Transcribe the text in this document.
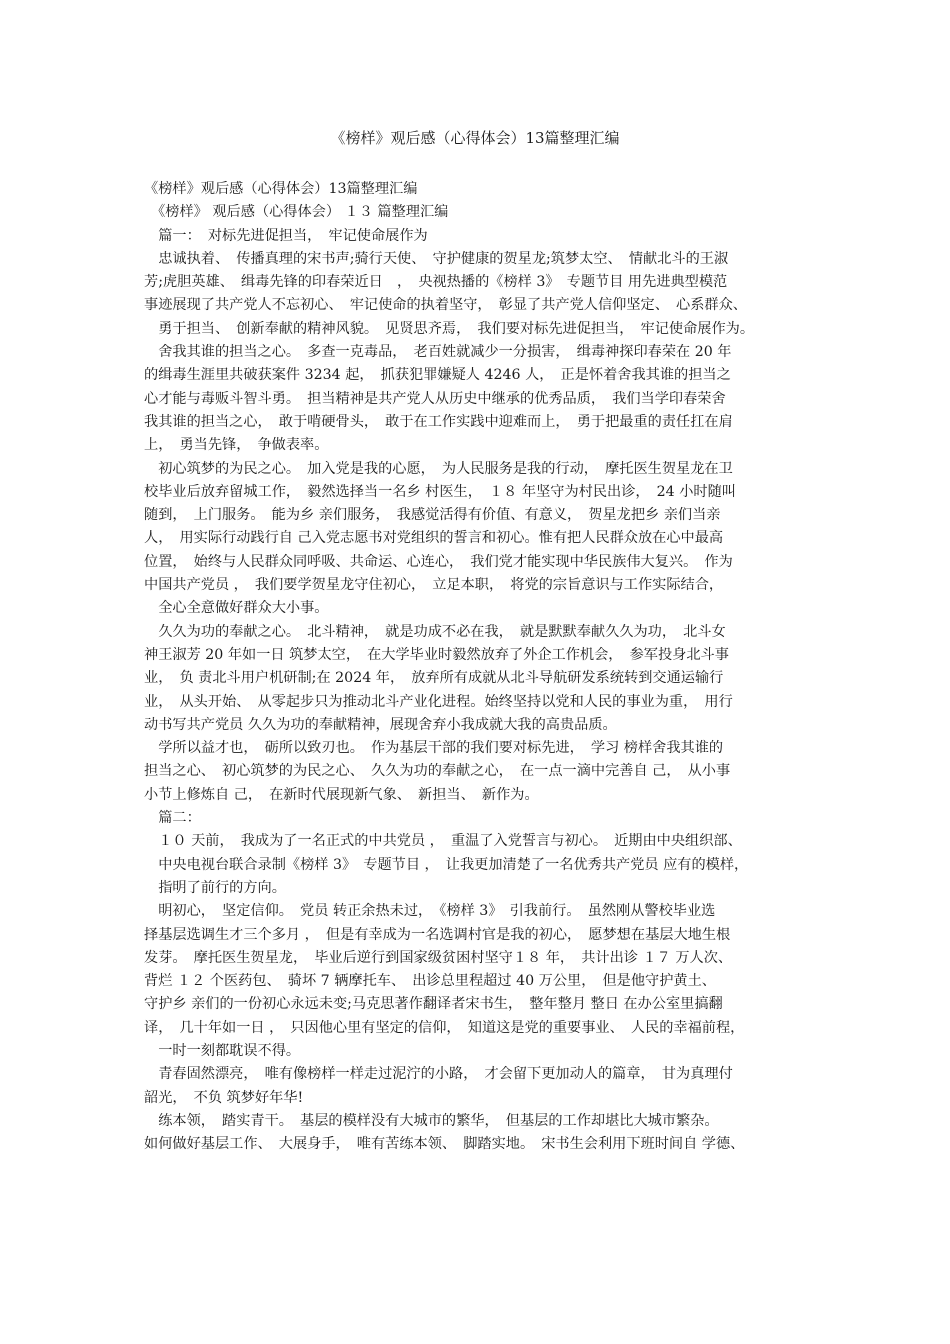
《榜样》观后感（心得体会）13篇整理汇编
《榜样》观后感（心得体会）13篇整理汇编
　《榜样》 观后感（心得体会） １３ 篇整理汇编
　篇一：　对标先进促担当，　牢记使命展作为
　忠诚执着、　传播真理的宋书声;骑行天使、　守护健康的贺星龙;筑梦太空、　情献北斗的王淑
芳;虎胆英雄、　缉毒先锋的印春荣近日　，　央视热播的《榜样 3》　专题节目 用先进典型模范
事迹展现了共产党人不忘初心、　牢记使命的执着坚守，　彰显了共产党人信仰坚定、　心系群众、
　勇于担当、　创新奉献的精神风貌。　见贤思齐焉，　我们要对标先进促担当，　牢记使命展作为。
　舍我其谁的担当之心。　多查一克毒品，　老百姓就减少一分损害，　缉毒神探印春荣在 20 年
的缉毒生涯里共破获案件 3234 起，　抓获犯罪嫌疑人 4246 人，　正是怀着舍我其谁的担当之
心才能与毒贩斗智斗勇。　担当精神是共产党人从历史中继承的优秀品质，　我们当学印春荣舍
我其谁的担当之心，　敢于啃硬骨头，　敢于在工作实践中迎难而上，　勇于把最重的责任扛在肩
上，　勇当先锋，　争做表率。
　初心筑梦的为民之心。　加入党是我的心愿，　为人民服务是我的行动，　摩托医生贺星龙在卫
校毕业后放弃留城工作，　毅然选择当一名乡 村医生，　１８ 年坚守为村民出诊，　24 小时随叫
随到，　上门服务。　能为乡 亲们服务，　我感觉活得有价值、有意义，　贺星龙把乡 亲们当亲
人，　用实际行动践行自 己入党志愿书对党组织的誓言和初心。惟有把人民群众放在心中最高
位置，　始终与人民群众同呼吸、共命运、心连心，　我们党才能实现中华民族伟大复兴。　作为
中国共产党员 ，　我们要学贺星龙守住初心，　立足本职，　将党的宗旨意识与工作实际结合，
　全心全意做好群众大小事。
　久久为功的奉献之心。　北斗精神，　就是功成不必在我，　就是默默奉献久久为功，　北斗女
神王淑芳 20 年如一日 筑梦太空，　在大学毕业时毅然放弃了外企工作机会，　参军投身北斗事
业，　负 责北斗用户机研制;在 2024 年，　放弃所有成就从北斗导航研发系统转到交通运输行
业，　从头开始、　从零起步只为推动北斗产业化进程。始终坚持以党和人民的事业为重，　用行
动书写共产党员 久久为功的奉献精神，展现舍弃小我成就大我的高贵品质。
　学所以益才也，　砺所以致刃也。　作为基层干部的我们要对标先进，　学习 榜样舍我其谁的
担当之心、　初心筑梦的为民之心、　久久为功的奉献之心，　在一点一滴中完善自 己，　从小事
小节上修炼自 己，　在新时代展现新气象、　新担当、　新作为。
　篇二：
　１０ 天前，　我成为了一名正式的中共党员 ，　重温了入党誓言与初心。　近期由中央组织部、
　中央电视台联合录制《榜样 3》　专题节目 ，　让我更加清楚了一名优秀共产党员 应有的模样，
　指明了前行的方向。
　明初心，　坚定信仰。　党员 转正余热未过，　《榜样 3》　引我前行。　虽然刚从警校毕业选
择基层选调生才三个多月 ，　但是有幸成为一名选调村官是我的初心，　愿梦想在基层大地生根
发芽。　摩托医生贺星龙，　毕业后逆行到国家级贫困村坚守１８ 年，　共计出诊 １７ 万人次、
背烂 １２ 个医药包、　骑坏 7 辆摩托车、　出诊总里程超过 40 万公里，　但是他守护黄土、
守护乡 亲们的一份初心永远未变;马克思著作翻译者宋书生，　整年整月 整日 在办公室里搞翻
译，　几十年如一日 ，　只因他心里有坚定的信仰，　知道这是党的重要事业、　人民的幸福前程，
　一时一刻都耽误不得。
　青春固然漂亮，　唯有像榜样一样走过泥泞的小路，　才会留下更加动人的篇章，　甘为真理付
韶光，　不负 筑梦好年华!
　练本领，　踏实青干。　基层的模样没有大城市的繁华，　但基层的工作却堪比大城市繁杂。
如何做好基层工作、　大展身手，　唯有苦练本领、　脚踏实地。　宋书生会利用下班时间自 学德、
